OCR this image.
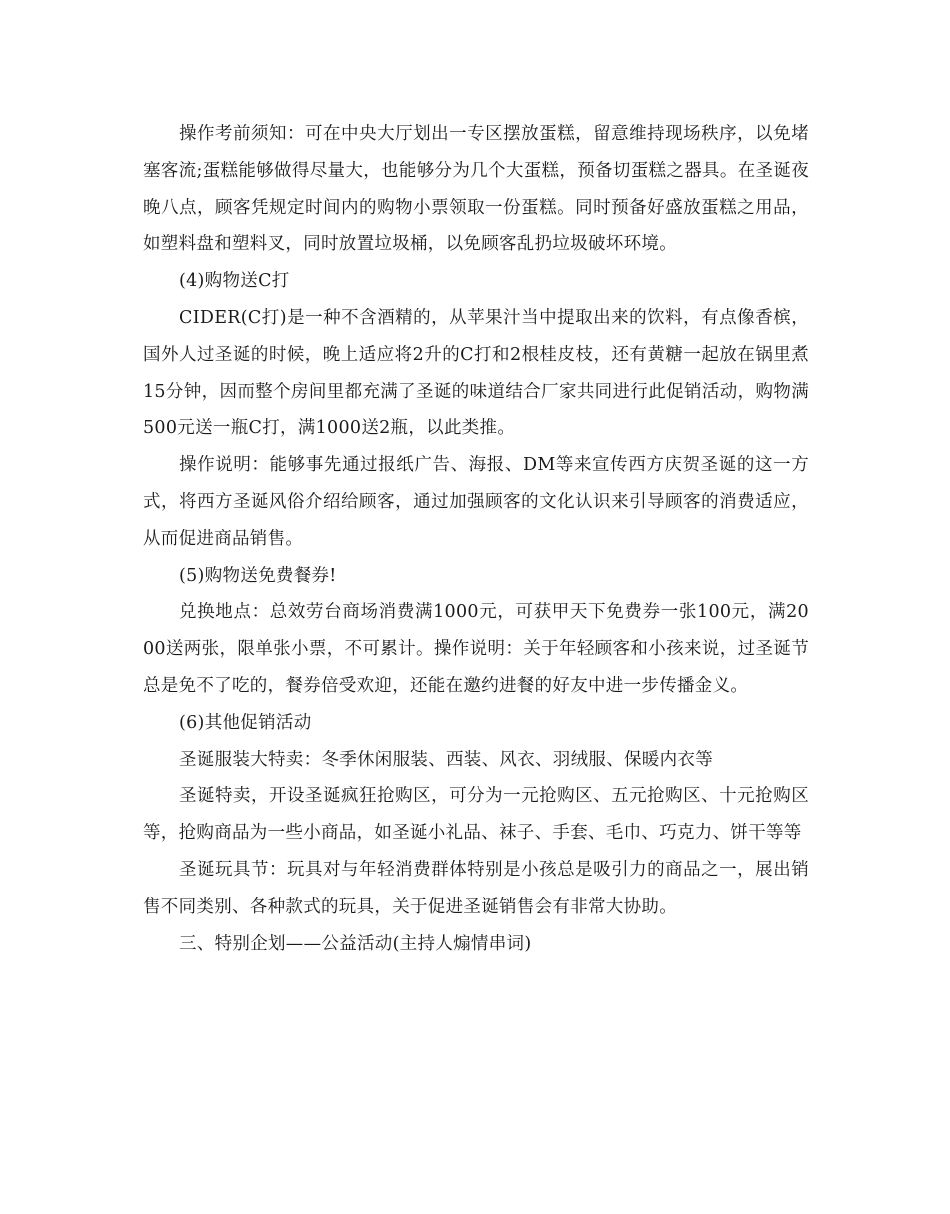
操作考前须知：可在中央大厅划出一专区摆放蛋糕，留意维持现场秩序，以免堵塞客流;蛋糕能够做得尽量大，也能够分为几个大蛋糕，预备切蛋糕之器具。在圣诞夜晚八点，顾客凭规定时间内的购物小票领取一份蛋糕。同时预备好盛放蛋糕之用品，如塑料盘和塑料叉，同时放置垃圾桶，以免顾客乱扔垃圾破坏环境。

(4)购物送C打

CIDER(C打)是一种不含酒精的，从苹果汁当中提取出来的饮料，有点像香槟，国外人过圣诞的时候，晚上适应将2升的C打和2根桂皮枝，还有黄糖一起放在锅里煮15分钟，因而整个房间里都充满了圣诞的味道结合厂家共同进行此促销活动，购物满500元送一瓶C打，满1000送2瓶，以此类推。

操作说明：能够事先通过报纸广告、海报、DM等来宣传西方庆贺圣诞的这一方式，将西方圣诞风俗介绍给顾客，通过加强顾客的文化认识来引导顾客的消费适应，从而促进商品销售。

(5)购物送免费餐券!

兑换地点：总效劳台商场消费满1000元，可获甲天下免费券一张100元，满2000送两张，限单张小票，不可累计。操作说明：关于年轻顾客和小孩来说，过圣诞节总是免不了吃的，餐券倍受欢迎，还能在邀约进餐的好友中进一步传播金义。

(6)其他促销活动

圣诞服装大特卖：冬季休闲服装、西装、风衣、羽绒服、保暖内衣等

圣诞特卖，开设圣诞疯狂抢购区，可分为一元抢购区、五元抢购区、十元抢购区等，抢购商品为一些小商品，如圣诞小礼品、袜子、手套、毛巾、巧克力、饼干等等

圣诞玩具节：玩具对与年轻消费群体特别是小孩总是吸引力的商品之一，展出销售不同类别、各种款式的玩具，关于促进圣诞销售会有非常大协助。

三、特别企划——公益活动(主持人煽情串词)
